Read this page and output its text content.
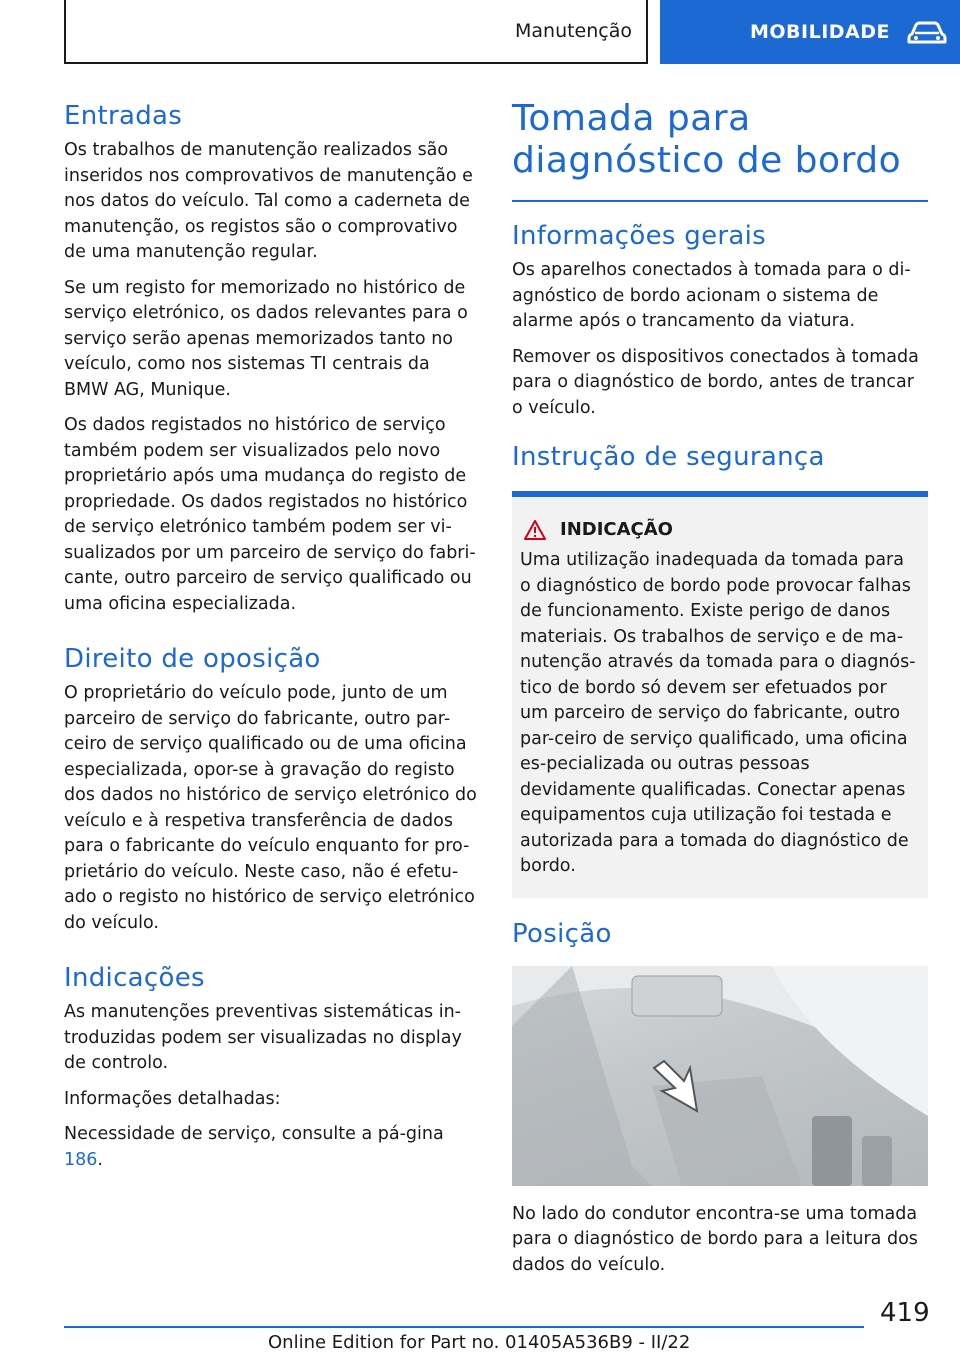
Manutenção	MOBILIDADE
Entradas

Os trabalhos de manutenção realizados são inseridos nos comprovativos de manutenção e nos datos do veículo. Tal como a caderneta de manutenção, os registos são o comprovativo de uma manutenção regular.

Se um registo for memorizado no histórico de serviço eletrónico, os dados relevantes para o serviço serão apenas memorizados tanto no veículo, como nos sistemas TI centrais da BMW AG, Munique.

Os dados registados no histórico de serviço também podem ser visualizados pelo novo proprietário após uma mudança do registo de propriedade. Os dados registados no histórico de serviço eletrónico também podem ser vi-sualizados por um parceiro de serviço do fabri-cante, outro parceiro de serviço qualificado ou uma oficina especializada.

Direito de oposição

O proprietário do veículo pode, junto de um parceiro de serviço do fabricante, outro par-ceiro de serviço qualificado ou de uma oficina especializada, opor-se à gravação do registo dos dados no histórico de serviço eletrónico do veículo e à respetiva transferência de dados para o fabricante do veículo enquanto for pro-prietário do veículo. Neste caso, não é efetu-ado o registo no histórico de serviço eletrónico do veículo.

Indicações

As manutenções preventivas sistemáticas in-troduzidas podem ser visualizadas no display de controlo.

Informações detalhadas:

Necessidade de serviço, consulte a pá-gina 186.

Tomada para diagnóstico de bordo
Informações gerais

Os aparelhos conectados à tomada para o di-agnóstico de bordo acionam o sistema de alarme após o trancamento da viatura.

Remover os dispositivos conectados à tomada para o diagnóstico de bordo, antes de trancar o veículo.

Instrução de segurança
INDICAÇÃO

Uma utilização inadequada da tomada para o diagnóstico de bordo pode provocar falhas de funcionamento. Existe perigo de danos materiais. Os trabalhos de serviço e de ma-nutenção através da tomada para o diagnós-tico de bordo só devem ser efetuados por um parceiro de serviço do fabricante, outro par-ceiro de serviço qualificado, uma oficina es-pecializada ou outras pessoas devidamente qualificadas. Conectar apenas equipamentos cuja utilização foi testada e autorizada para a tomada do diagnóstico de bordo.

Posição

No lado do condutor encontra-se uma tomada para o diagnóstico de bordo para a leitura dos dados do veículo.

419
Online Edition for Part no. 01405A536B9 - II/22
